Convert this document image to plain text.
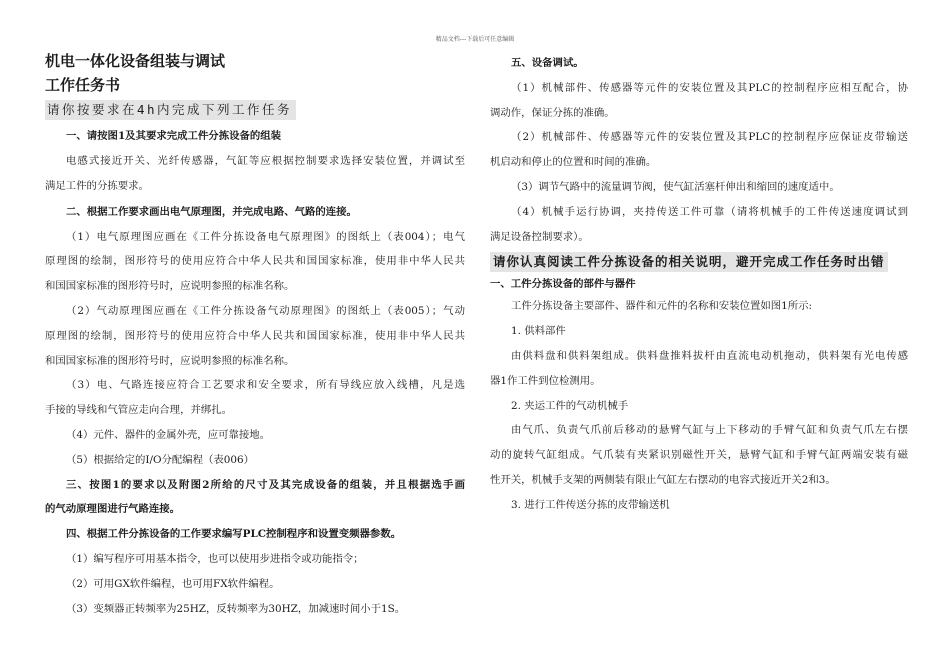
精品文档---下载后可任意编辑
机电一体化设备组装与调试
工作任务书
请你按要求在4h内完成下列工作任务
一、请按图1及其要求完成工件分拣设备的组装

电感式接近开关、光纤传感器，气缸等应根据控制要求选择安装位置，并调试至

满足工件的分拣要求。

二、根据工作要求画出电气原理图，并完成电路、气路的连接。

（1）电气原理图应画在《工件分拣设备电气原理图》的图纸上（表004）；电气

原理图的绘制，图形符号的使用应符合中华人民共和国国家标准，使用非中华人民共

和国国家标准的图形符号时，应说明参照的标准名称。

（2）气动原理图应画在《工件分拣设备气动原理图》的图纸上（表005）；气动

原理图的绘制，图形符号的使用应符合中华人民共和国国家标准，使用非中华人民共

和国国家标准的图形符号时，应说明参照的标准名称。

（3）电、气路连接应符合工艺要求和安全要求，所有导线应放入线槽，凡是选

手接的导线和气管应走向合理，并绑扎。

（4）元件、器件的金属外壳，应可靠接地。

（5）根据给定的I/O分配编程（表006）

三、按图1的要求以及附图2所给的尺寸及其完成设备的组装，并且根据选手画

的气动原理图进行气路连接。

四、根据工件分拣设备的工作要求编写PLC控制程序和设置变频器参数。

（1）编写程序可用基本指令，也可以使用步进指令或功能指令；

（2）可用GX软件编程，也可用FX软件编程。

（3）变频器正转频率为25HZ，反转频率为30HZ，加减速时间小于1S。

五、设备调试。

（1）机械部件、传感器等元件的安装位置及其PLC的控制程序应相互配合，协

调动作，保证分拣的准确。

（2）机械部件、传感器等元件的安装位置及其PLC的控制程序应保证皮带输送

机启动和停止的位置和时间的准确。

（3）调节气路中的流量调节阀，使气缸活塞杆伸出和缩回的速度适中。

（4）机械手运行协调，夹持传送工件可靠（请将机械手的工件传送速度调试到

满足设备控制要求）。

请你认真阅读工件分拣设备的相关说明，避开完成工作任务时出错

一、工件分拣设备的部件与器件

工件分拣设备主要部件、器件和元件的名称和安装位置如图1所示:

1. 供料部件

由供料盘和供料架组成。供料盘推料拔杆由直流电动机拖动，供料架有光电传感

器1作工件到位检测用。

2. 夹运工件的气动机械手

由气爪、负责气爪前后移动的悬臂气缸与上下移动的手臂气缸和负责气爪左右摆

动的旋转气缸组成。气爪装有夹紧识别磁性开关，悬臂气缸和手臂气缸两端安装有磁

性开关，机械手支架的两侧装有限止气缸左右摆动的电容式接近开关2和3。

3. 进行工件传送分拣的皮带输送机
